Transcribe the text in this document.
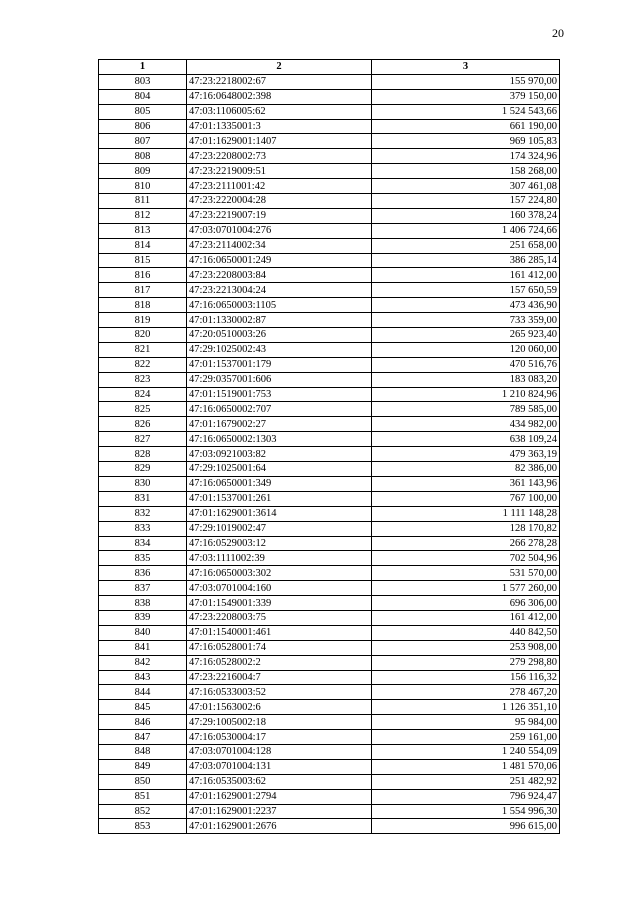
20
1	2	3
803	47:23:2218002:67	155 970,00
804	47:16:0648002:398	379 150,00
805	47:03:1106005:62	1 524 543,66
806	47:01:1335001:3	661 190,00
807	47:01:1629001:1407	969 105,83
808	47:23:2208002:73	174 324,96
809	47:23:2219009:51	158 268,00
810	47:23:2111001:42	307 461,08
811	47:23:2220004:28	157 224,80
812	47:23:2219007:19	160 378,24
813	47:03:0701004:276	1 406 724,66
814	47:23:2114002:34	251 658,00
815	47:16:0650001:249	386 285,14
816	47:23:2208003:84	161 412,00
817	47:23:2213004:24	157 650,59
818	47:16:0650003:1105	473 436,90
819	47:01:1330002:87	733 359,00
820	47:20:0510003:26	265 923,40
821	47:29:1025002:43	120 060,00
822	47:01:1537001:179	470 516,76
823	47:29:0357001:606	183 083,20
824	47:01:1519001:753	1 210 824,96
825	47:16:0650002:707	789 585,00
826	47:01:1679002:27	434 982,00
827	47:16:0650002:1303	638 109,24
828	47:03:0921003:82	479 363,19
829	47:29:1025001:64	82 386,00
830	47:16:0650001:349	361 143,96
831	47:01:1537001:261	767 100,00
832	47:01:1629001:3614	1 111 148,28
833	47:29:1019002:47	128 170,82
834	47:16:0529003:12	266 278,28
835	47:03:1111002:39	702 504,96
836	47:16:0650003:302	531 570,00
837	47:03:0701004:160	1 577 260,00
838	47:01:1549001:339	696 306,00
839	47:23:2208003:75	161 412,00
840	47:01:1540001:461	440 842,50
841	47:16:0528001:74	253 908,00
842	47:16:0528002:2	279 298,80
843	47:23:2216004:7	156 116,32
844	47:16:0533003:52	278 467,20
845	47:01:1563002:6	1 126 351,10
846	47:29:1005002:18	95 984,00
847	47:16:0530004:17	259 161,00
848	47:03:0701004:128	1 240 554,09
849	47:03:0701004:131	1 481 570,06
850	47:16:0535003:62	251 482,92
851	47:01:1629001:2794	796 924,47
852	47:01:1629001:2237	1 554 996,30
853	47:01:1629001:2676	996 615,00
